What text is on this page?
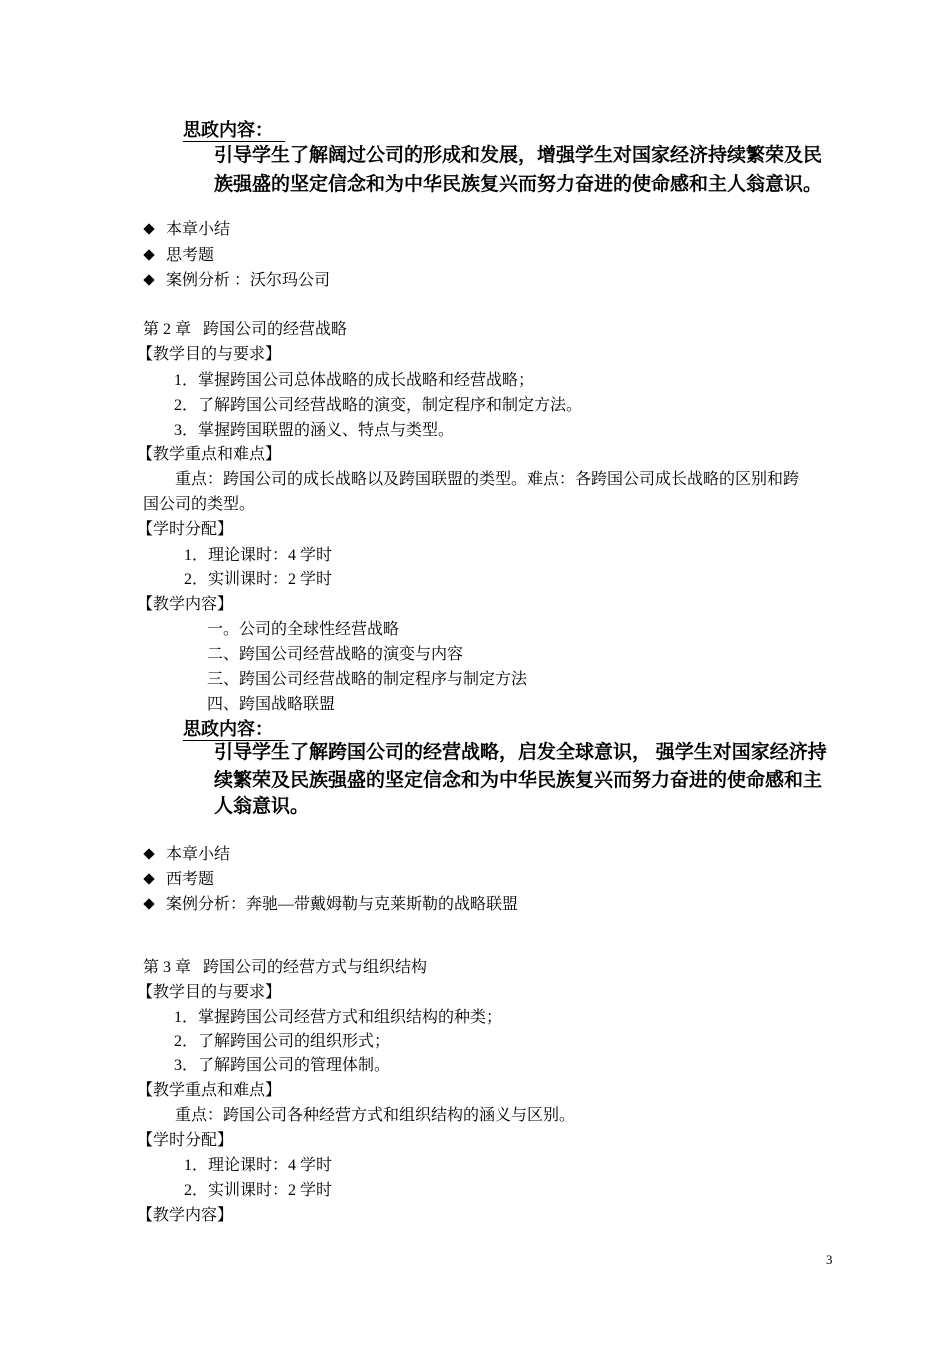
思政内容：
引导学生了解阔过公司的形成和发展，增强学生对国家经济持续繁荣及民
族强盛的坚定信念和为中华民族复兴而努力奋进的使命感和主人翁意识。
本章小结
思考题
案例分析 ：沃尔玛公司
第 2 章   跨国公司的经营战略
【教学目的与要求】
1．掌握跨国公司总体战略的成长战略和经营战略；
2．了解跨国公司经营战略的演变，制定程序和制定方法。
3．掌握跨国联盟的涵义、特点与类型。
【教学重点和难点】
重点：跨国公司的成长战略以及跨国联盟的类型。难点：各跨国公司成长战略的区别和跨
国公司的类型。
【学时分配】
1．理论课时：4 学时
2．实训课时：2 学时
【教学内容】
一。公司的全球性经营战略
二、跨国公司经营战略的演变与内容
三、跨国公司经营战略的制定程序与制定方法
四、跨国战略联盟
思政内容：
引导学生了解跨国公司的经营战略，启发全球意识， 强学生对国家经济持
续繁荣及民族强盛的坚定信念和为中华民族复兴而努力奋进的使命感和主
人翁意识。
本章小结
西考题
案例分析：奔驰—带戴姆勒与克莱斯勒的战略联盟
第 3 章   跨国公司的经营方式与组织结构
【教学目的与要求】
1．掌握跨国公司经营方式和组织结构的种类；
2．了解跨国公司的组织形式；
3．了解跨国公司的管理体制。
【教学重点和难点】
重点：跨国公司各种经营方式和组织结构的涵义与区别。
【学时分配】
1．理论课时：4 学时
2．实训课时：2 学时
【教学内容】
3
